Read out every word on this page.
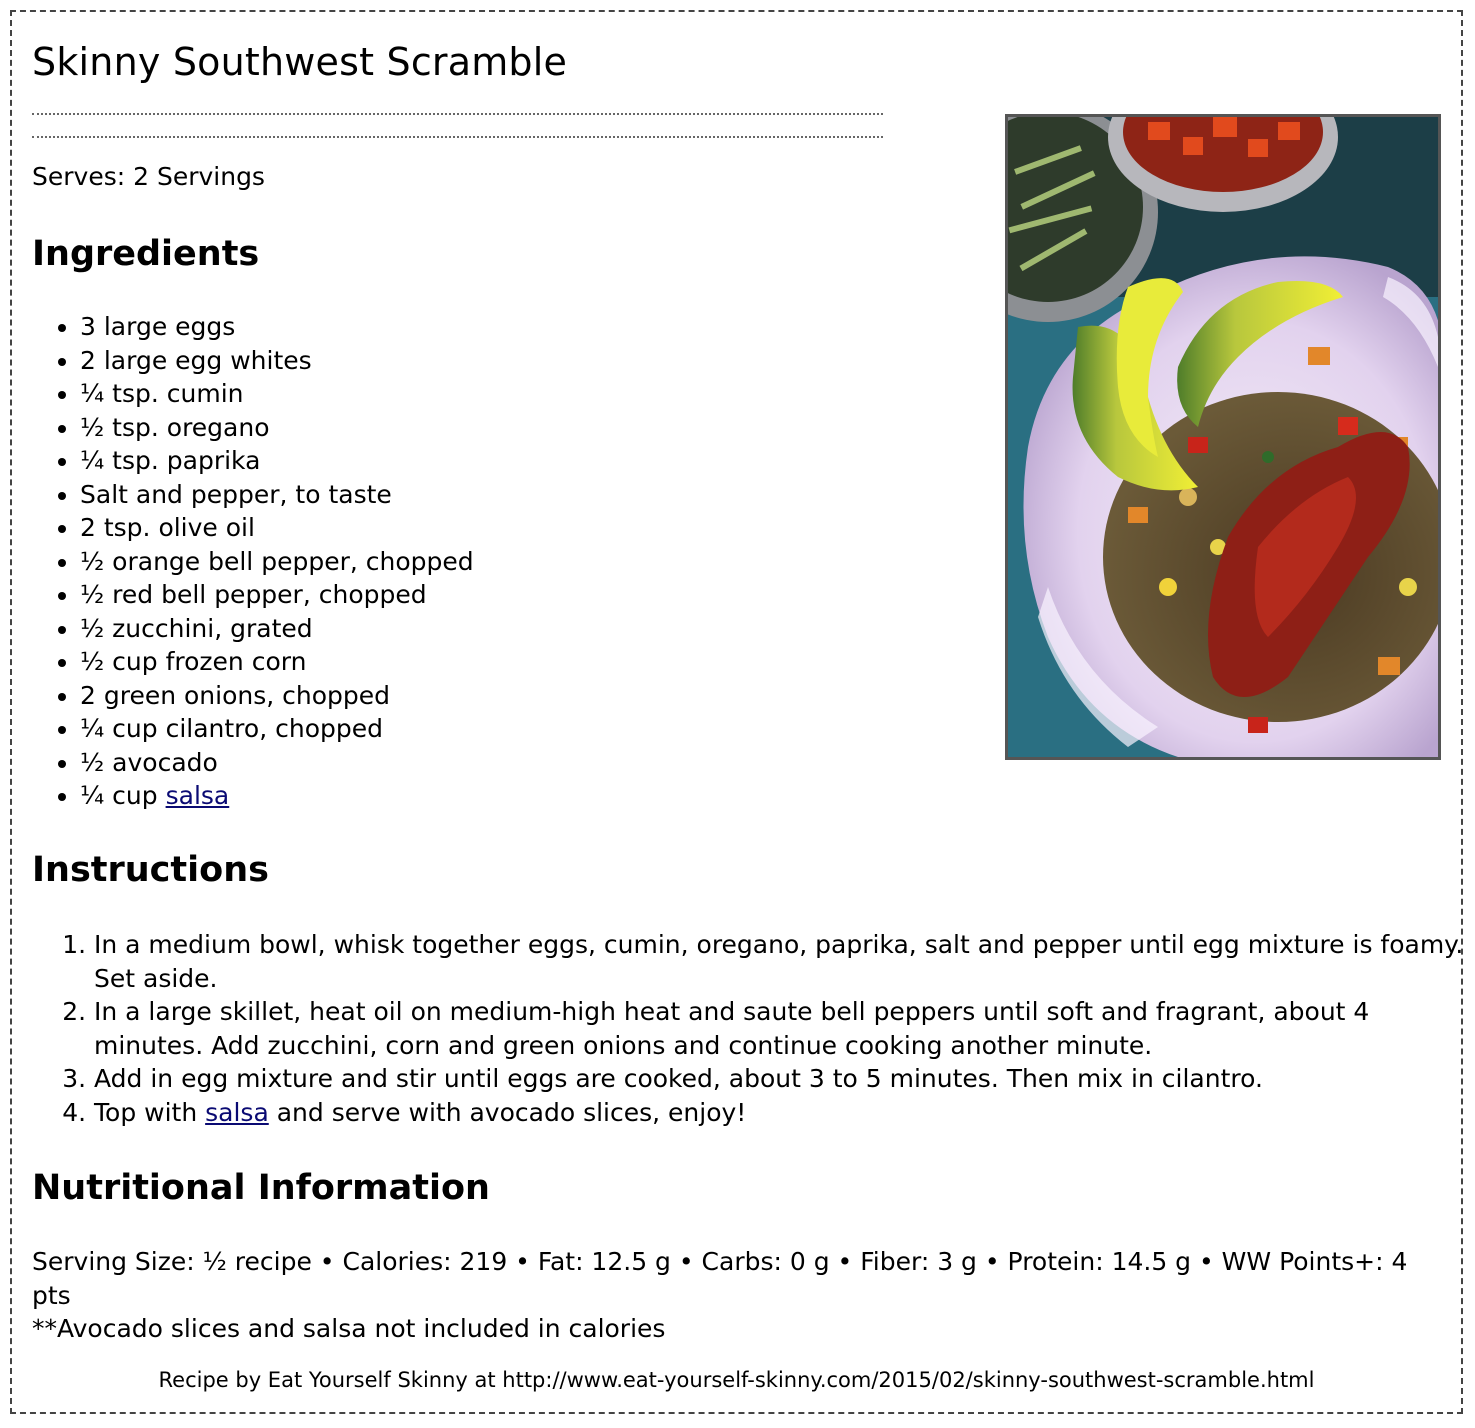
Skinny Southwest Scramble
Serves: 2 Servings
Ingredients
• 3 large eggs
• 2 large egg whites
• ¼ tsp. cumin
• ½ tsp. oregano
• ¼ tsp. paprika
• Salt and pepper, to taste
• 2 tsp. olive oil
• ½ orange bell pepper, chopped
• ½ red bell pepper, chopped
• ½ zucchini, grated
• ½ cup frozen corn
• 2 green onions, chopped
• ¼ cup cilantro, chopped
• ½ avocado
• ¼ cup salsa
Instructions
1. In a medium bowl, whisk together eggs, cumin, oregano, paprika, salt and pepper until egg mixture is foamy. Set aside.
2. In a large skillet, heat oil on medium-high heat and saute bell peppers until soft and fragrant, about 4 minutes. Add zucchini, corn and green onions and continue cooking another minute.
3. Add in egg mixture and stir until eggs are cooked, about 3 to 5 minutes. Then mix in cilantro.
4. Top with salsa and serve with avocado slices, enjoy!
Nutritional Information
Serving Size: ½ recipe • Calories: 219 • Fat: 12.5 g • Carbs: 0 g • Fiber: 3 g • Protein: 14.5 g • WW Points+: 4 pts
**Avocado slices and salsa not included in calories
Recipe by Eat Yourself Skinny at http://www.eat-yourself-skinny.com/2015/02/skinny-southwest-scramble.html
